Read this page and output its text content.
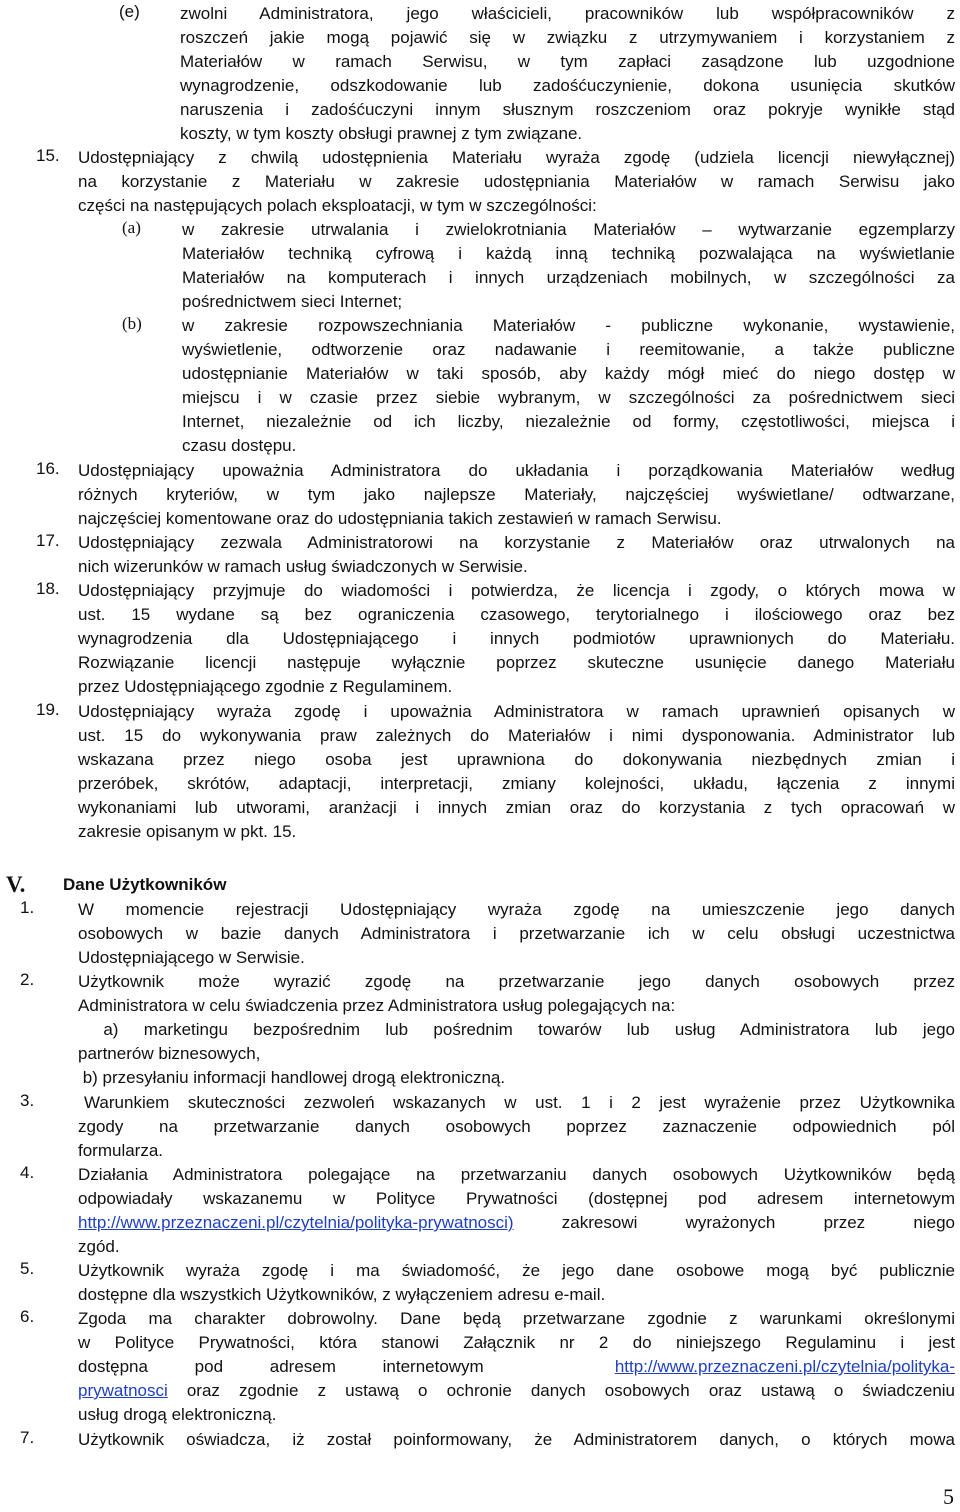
(e) zwolni Administratora, jego właścicieli, pracowników lub współpracowników z
roszczeń jakie mogą pojawić się w związku z utrzymywaniem i korzystaniem z
Materiałów w ramach Serwisu, w tym zapłaci zasądzone lub uzgodnione
wynagrodzenie, odszkodowanie lub zadośćuczynienie, dokona usunięcia skutków
naruszenia i zadośćuczyni innym słusznym roszczeniom oraz pokryje wynikłe stąd
koszty, w tym koszty obsługi prawnej z tym związane.
15. Udostępniający z chwilą udostępnienia Materiału wyraża zgodę (udziela licencji niewyłącznej)
na korzystanie z Materiału w zakresie udostępniania Materiałów w ramach Serwisu jako
części na następujących polach eksploatacji, w tym w szczególności:
(a) w zakresie utrwalania i zwielokrotniania Materiałów – wytwarzanie egzemplarzy
Materiałów techniką cyfrową i każdą inną techniką pozwalająca na wyświetlanie
Materiałów na komputerach i innych urządzeniach mobilnych, w szczególności za
pośrednictwem sieci Internet;
(b) w zakresie rozpowszechniania Materiałów - publiczne wykonanie, wystawienie,
wyświetlenie, odtworzenie oraz nadawanie i reemitowanie, a także publiczne
udostępnianie Materiałów w taki sposób, aby każdy mógł mieć do niego dostęp w
miejscu i w czasie przez siebie wybranym, w szczególności za pośrednictwem sieci
Internet, niezależnie od ich liczby, niezależnie od formy, częstotliwości, miejsca i
czasu dostępu.
16. Udostępniający upoważnia Administratora do układania i porządkowania Materiałów według
różnych kryteriów, w tym jako najlepsze Materiały, najczęściej wyświetlane/ odtwarzane,
najczęściej komentowane oraz do udostępniania takich zestawień w ramach Serwisu.
17. Udostępniający zezwala Administratorowi na korzystanie z Materiałów oraz utrwalonych na
nich wizerunków w ramach usług świadczonych w Serwisie.
18. Udostępniający przyjmuje do wiadomości i potwierdza, że licencja i zgody, o których mowa w
ust. 15 wydane są bez ograniczenia czasowego, terytorialnego i ilościowego oraz bez
wynagrodzenia dla Udostępniającego i innych podmiotów uprawnionych do Materiału.
Rozwiązanie licencji następuje wyłącznie poprzez skuteczne usunięcie danego Materiału
przez Udostępniającego zgodnie z Regulaminem.
19. Udostępniający wyraża zgodę i upoważnia Administratora w ramach uprawnień opisanych w
ust. 15 do wykonywania praw zależnych do Materiałów i nimi dysponowania. Administrator lub
wskazana przez niego osoba jest uprawniona do dokonywania niezbędnych zmian i
przeróbek, skrótów, adaptacji, interpretacji, zmiany kolejności, układu, łączenia z innymi
wykonaniami lub utworami, aranżacji i innych zmian oraz do korzystania z tych opracowań w
zakresie opisanym w pkt. 15.
V. Dane Użytkowników
1.	W momencie rejestracji Udostępniający wyraża zgodę na umieszczenie jego danych
osobowych w bazie danych Administratora i przetwarzanie ich w celu obsługi uczestnictwa
Udostępniającego w Serwisie.
2.	Użytkownik może wyrazić zgodę na przetwarzanie jego danych osobowych przez
Administratora w celu świadczenia przez Administratora usług polegających na:
a) marketingu bezpośrednim lub pośrednim towarów lub usług Administratora lub jego
partnerów biznesowych,
b) przesyłaniu informacji handlowej drogą elektroniczną.
3.	Warunkiem skuteczności zezwoleń wskazanych w ust. 1 i 2 jest wyrażenie przez Użytkownika
zgody na przetwarzanie danych osobowych poprzez zaznaczenie odpowiednich pól
formularza.
4.	Działania Administratora polegające na przetwarzaniu danych osobowych Użytkowników będą
odpowiadały wskazanemu w Polityce Prywatności (dostępnej pod adresem internetowym
http://www.przeznaczeni.pl/czytelnia/polityka-prywatnosci) zakresowi wyrażonych przez niego
zgód.
5.	Użytkownik wyraża zgodę i ma świadomość, że jego dane osobowe mogą być publicznie
dostępne dla wszystkich Użytkowników, z wyłączeniem adresu e-mail.
6.	Zgoda ma charakter dobrowolny. Dane będą przetwarzane zgodnie z warunkami określonymi
w Polityce Prywatności, która stanowi Załącznik nr 2 do niniejszego Regulaminu i jest
dostępna pod adresem internetowym	http://www.przeznaczeni.pl/czytelnia/polityka-
prywatnosci oraz zgodnie z ustawą o ochronie danych osobowych oraz ustawą o świadczeniu
usług drogą elektroniczną.
7.	Użytkownik oświadcza, iż został poinformowany, że Administratorem danych, o których mowa
5
